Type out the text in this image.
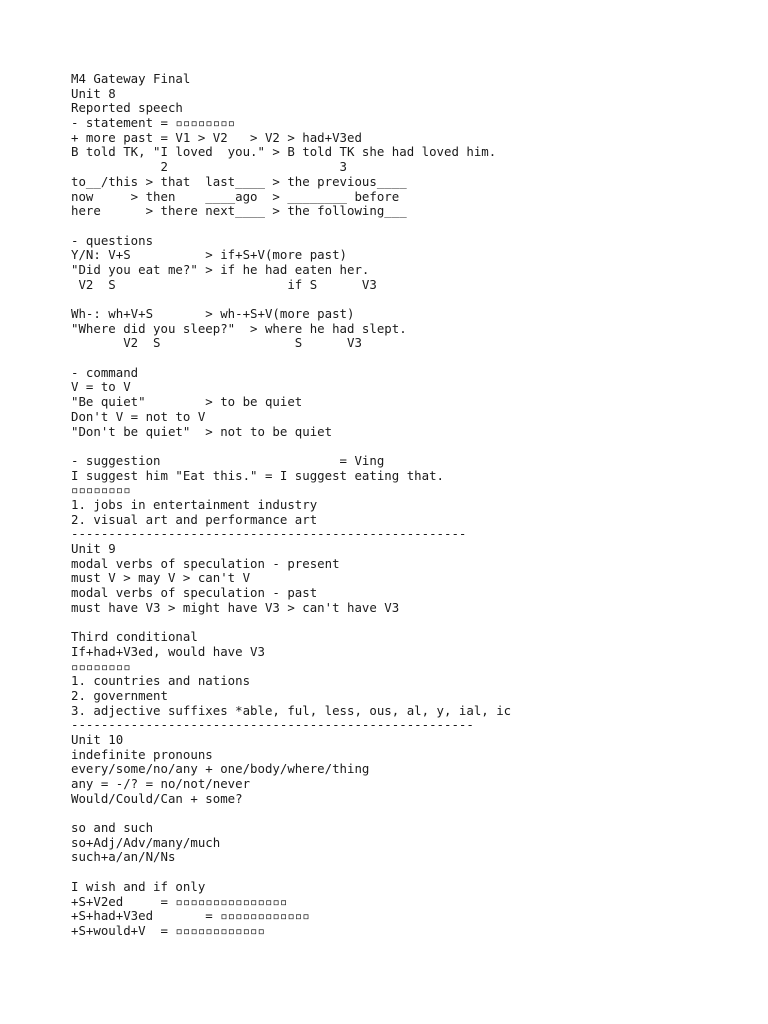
M4 Gateway Final
Unit 8
Reported speech
- statement = ▫▫▫▫▫▫▫▫
+ more past = V1 > V2   > V2 > had+V3ed
B told TK, "I loved  you." > B told TK she had loved him.
2                       3
to__/this > that  last____ > the previous____
now     > then    ____ago  > ________ before
here      > there next____ > the following___
- questions
Y/N: V+S          > if+S+V(more past)
"Did you eat me?" > if he had eaten her.
V2  S                       if S      V3
Wh-: wh+V+S       > wh-+S+V(more past)
"Where did you sleep?"  > where he had slept.
V2  S                  S      V3
- command
V = to V
"Be quiet"        > to be quiet
Don't V = not to V
"Don't be quiet"  > not to be quiet
- suggestion                        = Ving
I suggest him "Eat this." = I suggest eating that.
▫▫▫▫▫▫▫▫
1. jobs in entertainment industry
2. visual art and performance art
-----------------------------------------------------
Unit 9
modal verbs of speculation - present
must V > may V > can't V
modal verbs of speculation - past
must have V3 > might have V3 > can't have V3
Third conditional
If+had+V3ed, would have V3
▫▫▫▫▫▫▫▫
1. countries and nations
2. government
3. adjective suffixes *able, ful, less, ous, al, y, ial, ic
------------------------------------------------------
Unit 10
indefinite pronouns
every/some/no/any + one/body/where/thing
any = -/? = no/not/never
Would/Could/Can + some?
so and such
so+Adj/Adv/many/much
such+a/an/N/Ns
I wish and if only
+S+V2ed     = ▫▫▫▫▫▫▫▫▫▫▫▫▫▫▫
+S+had+V3ed       = ▫▫▫▫▫▫▫▫▫▫▫▫
+S+would+V  = ▫▫▫▫▫▫▫▫▫▫▫▫
